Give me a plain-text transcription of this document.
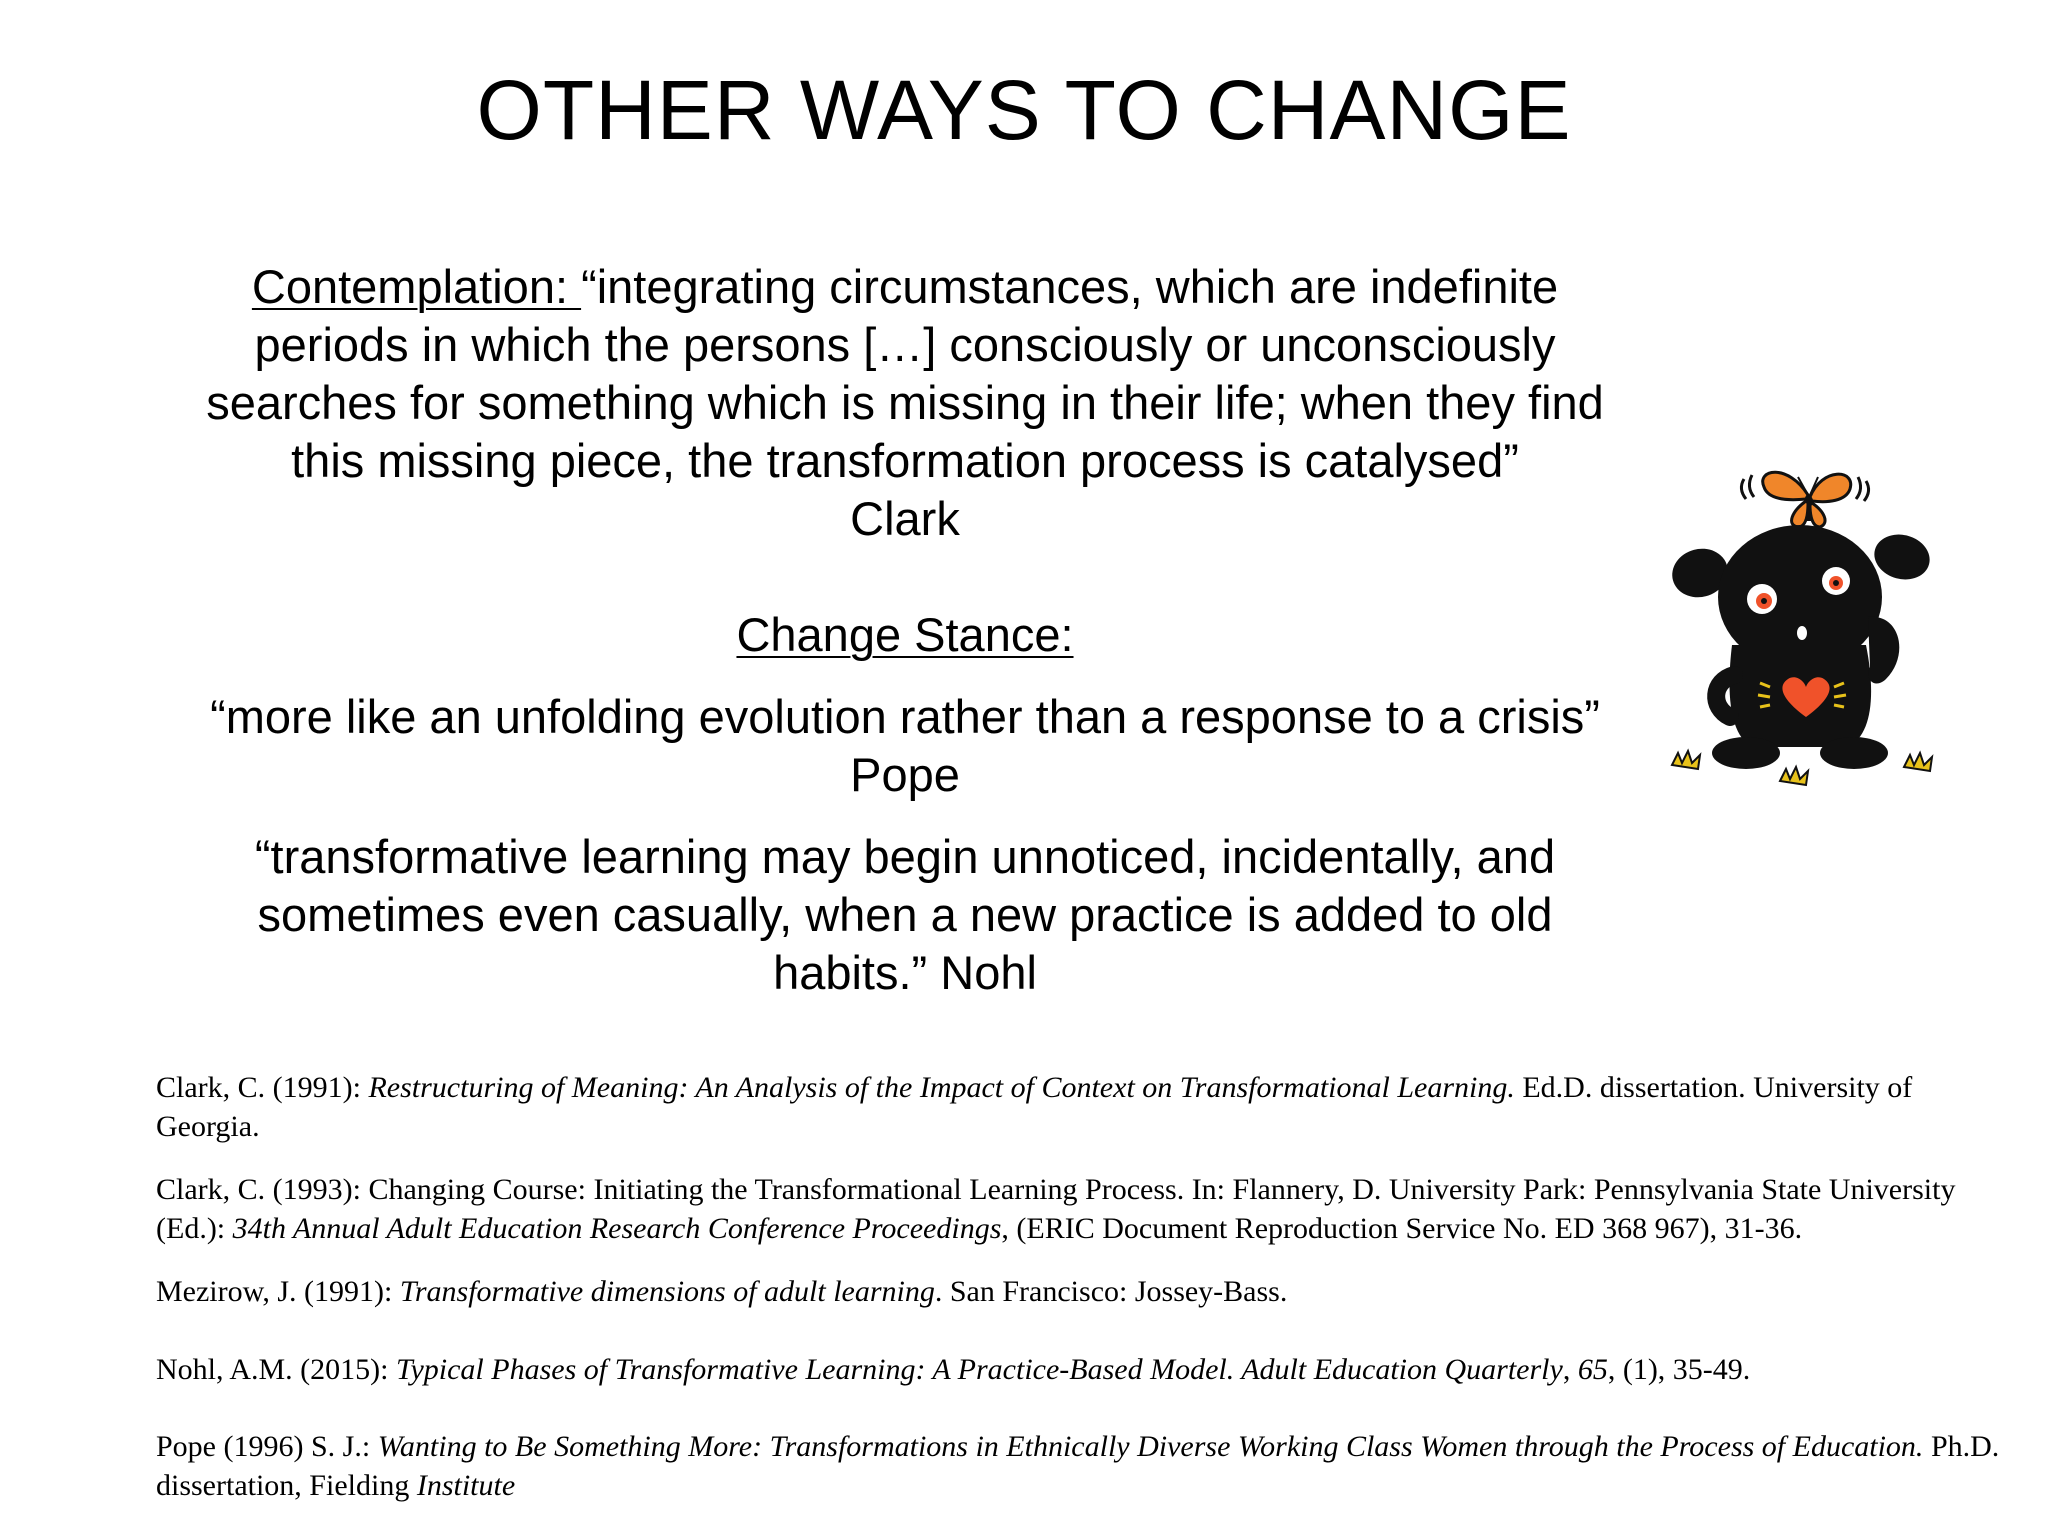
OTHER WAYS TO CHANGE

Contemplation: “integrating circumstances, which are indefinite periods in which the persons […] consciously or unconsciously searches for something which is missing in their life; when they find this missing piece, the transformation process is catalysed”
Clark

Change Stance:

“more like an unfolding evolution rather than a response to a crisis” Pope

“transformative learning may begin unnoticed, incidentally, and sometimes even casually, when a new practice is added to old habits.” Nohl

Clark, C. (1991): Restructuring of Meaning: An Analysis of the Impact of Context on Transformational Learning. Ed.D. dissertation. University of Georgia.

Clark, C. (1993): Changing Course: Initiating the Transformational Learning Process. In: Flannery, D. University Park: Pennsylvania State University (Ed.): 34th Annual Adult Education Research Conference Proceedings, (ERIC Document Reproduction Service No. ED 368 967), 31-36.

Mezirow, J. (1991): Transformative dimensions of adult learning. San Francisco: Jossey-Bass.

Nohl, A.M. (2015): Typical Phases of Transformative Learning: A Practice-Based Model. Adult Education Quarterly, 65, (1), 35-49.

Pope (1996) S. J.: Wanting to Be Something More: Transformations in Ethnically Diverse Working Class Women through the Process of Education. Ph.D. dissertation, Fielding Institute
